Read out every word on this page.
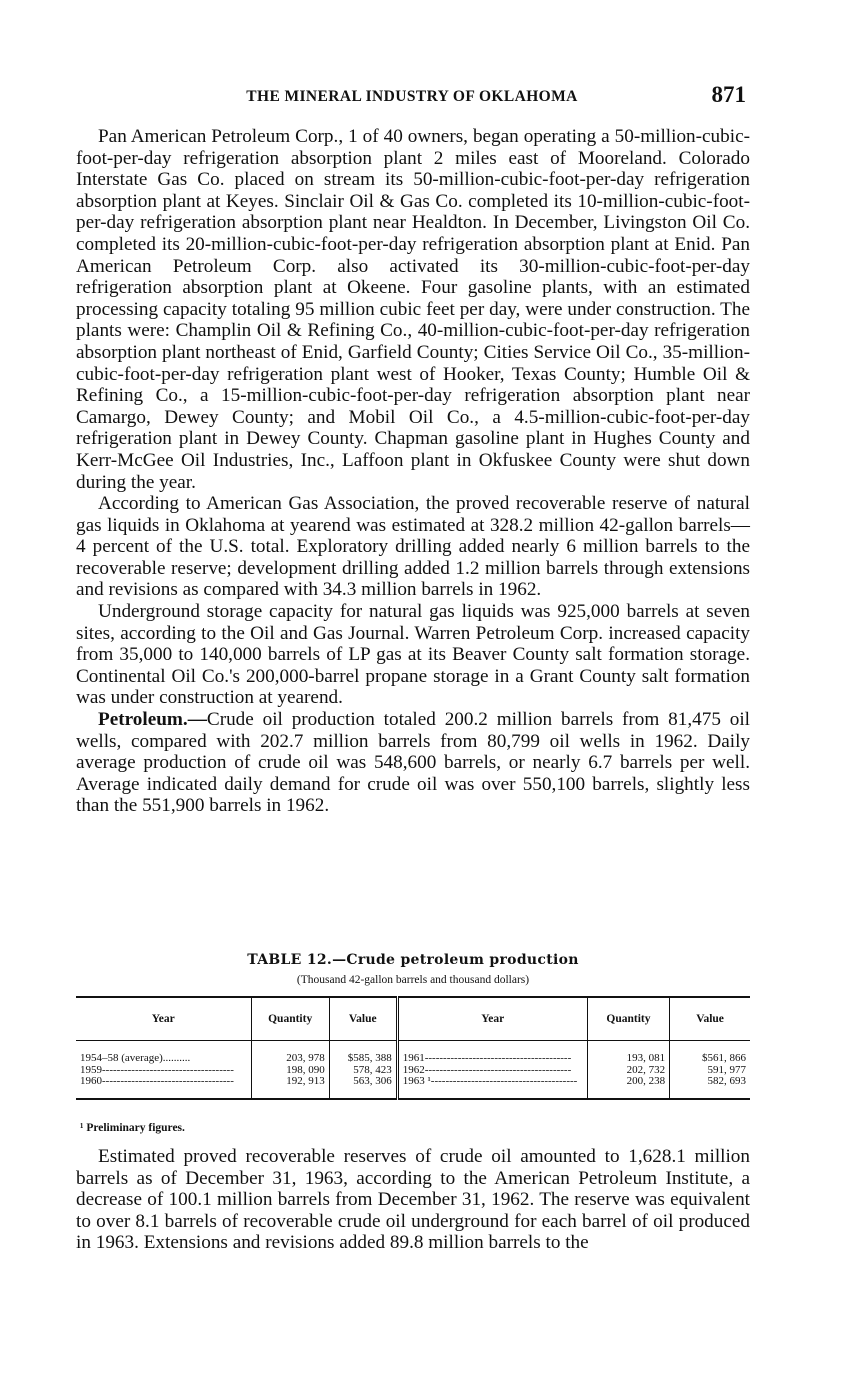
THE MINERAL INDUSTRY OF OKLAHOMA	871

Pan American Petroleum Corp., 1 of 40 owners, began operating a 50-million-cubic-foot-per-day refrigeration absorption plant 2 miles east of Mooreland. Colorado Interstate Gas Co. placed on stream its 50-million-cubic-foot-per-day refrigeration absorption plant at Keyes. Sinclair Oil & Gas Co. completed its 10-million-cubic-foot-per-day refrigeration absorption plant near Healdton. In December, Livingston Oil Co. completed its 20-million-cubic-foot-per-day refrigeration absorption plant at Enid. Pan American Petroleum Corp. also activated its 30-million-cubic-foot-per-day refrigeration absorption plant at Okeene. Four gasoline plants, with an estimated processing capacity totaling 95 million cubic feet per day, were under construction. The plants were: Champlin Oil & Refining Co., 40-million-cubic-foot-per-day refrigeration absorption plant northeast of Enid, Garfield County; Cities Service Oil Co., 35-million-cubic-foot-per-day refrigeration plant west of Hooker, Texas County; Humble Oil & Refining Co., a 15-million-cubic-foot-per-day refrigeration absorption plant near Camargo, Dewey County; and Mobil Oil Co., a 4.5-million-cubic-foot-per-day refrigeration plant in Dewey County. Chapman gasoline plant in Hughes County and Kerr-McGee Oil Industries, Inc., Laffoon plant in Okfuskee County were shut down during the year.

According to American Gas Association, the proved recoverable reserve of natural gas liquids in Oklahoma at yearend was estimated at 328.2 million 42-gallon barrels—4 percent of the U.S. total. Exploratory drilling added nearly 6 million barrels to the recoverable reserve; development drilling added 1.2 million barrels through extensions and revisions as compared with 34.3 million barrels in 1962.

Underground storage capacity for natural gas liquids was 925,000 barrels at seven sites, according to the Oil and Gas Journal. Warren Petroleum Corp. increased capacity from 35,000 to 140,000 barrels of LP gas at its Beaver County salt formation storage. Continental Oil Co.'s 200,000-barrel propane storage in a Grant County salt formation was under construction at yearend.

Petroleum.—Crude oil production totaled 200.2 million barrels from 81,475 oil wells, compared with 202.7 million barrels from 80,799 oil wells in 1962. Daily average production of crude oil was 548,600 barrels, or nearly 6.7 barrels per well. Average indicated daily demand for crude oil was over 550,100 barrels, slightly less than the 551,900 barrels in 1962.

TABLE 12.—Crude petroleum production
(Thousand 42-gallon barrels and thousand dollars)
Year	Quantity	Value	Year	Quantity	Value
1954–58 (average)..........	203, 978	$585, 388	1961----------------------------------------	193, 081	$561, 866
1959------------------------------------	198, 090	578, 423	1962----------------------------------------	202, 732	591, 977
1960------------------------------------	192, 913	563, 306	1963 ¹----------------------------------------	200, 238	582, 693
¹ Preliminary figures.

Estimated proved recoverable reserves of crude oil amounted to 1,628.1 million barrels as of December 31, 1963, according to the American Petroleum Institute, a decrease of 100.1 million barrels from December 31, 1962. The reserve was equivalent to over 8.1 barrels of recoverable crude oil underground for each barrel of oil produced in 1963. Extensions and revisions added 89.8 million barrels to the
